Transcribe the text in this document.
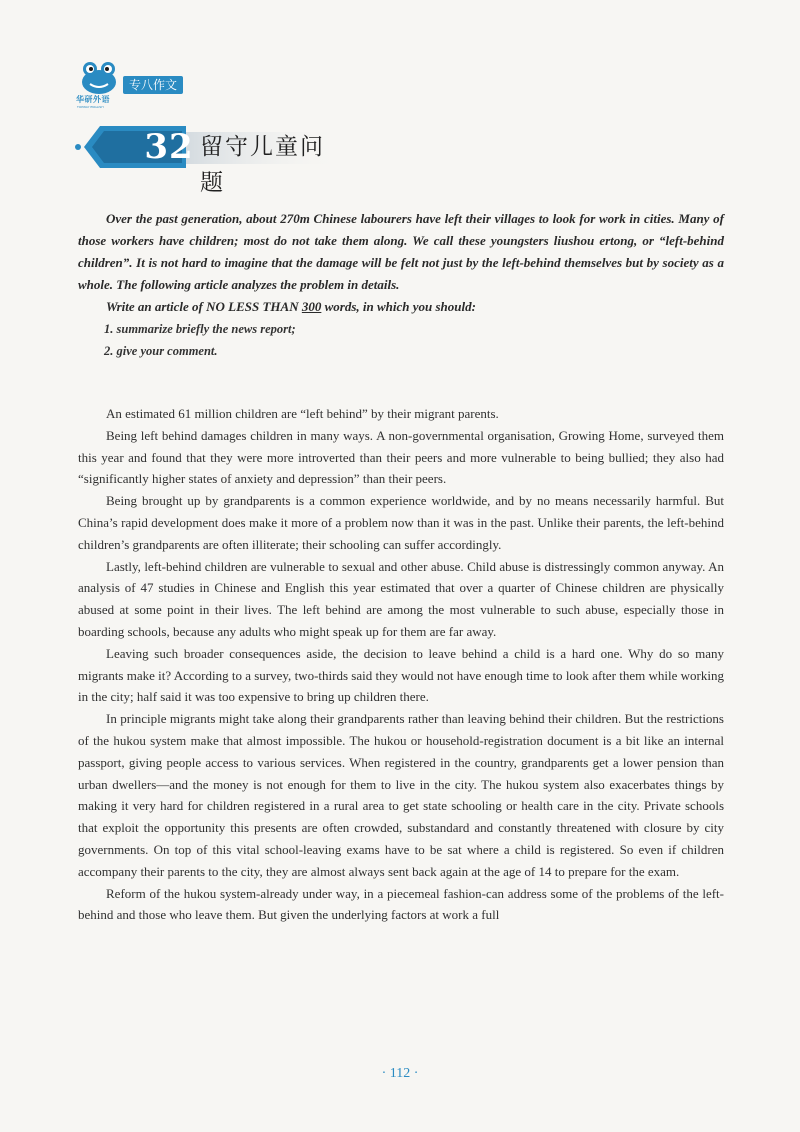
华研外语
TOPWAY ENGLISH
专八作文
32 留守儿童问题

Over the past generation, about 270m Chinese labourers have left their villages to look for work in cities. Many of those workers have children; most do not take them along. We call these youngsters liushou ertong, or “left-behind children”. It is not hard to imagine that the damage will be felt not just by the left-behind themselves but by society as a whole. The following article analyzes the problem in details.

Write an article of NO LESS THAN 300 words, in which you should:

1. summarize briefly the news report;

2. give your comment.

An estimated 61 million children are “left behind” by their migrant parents.

Being left behind damages children in many ways. A non-governmental organisation, Growing Home, surveyed them this year and found that they were more introverted than their peers and more vulnerable to being bullied; they also had “significantly higher states of anxiety and depression” than their peers.

Being brought up by grandparents is a common experience worldwide, and by no means necessarily harmful. But China’s rapid development does make it more of a problem now than it was in the past. Unlike their parents, the left-behind children’s grandparents are often illiterate; their schooling can suffer accordingly.

Lastly, left-behind children are vulnerable to sexual and other abuse. Child abuse is distressingly common anyway. An analysis of 47 studies in Chinese and English this year estimated that over a quarter of Chinese children are physically abused at some point in their lives. The left behind are among the most vulnerable to such abuse, especially those in boarding schools, because any adults who might speak up for them are far away.

Leaving such broader consequences aside, the decision to leave behind a child is a hard one. Why do so many migrants make it? According to a survey, two-thirds said they would not have enough time to look after them while working in the city; half said it was too expensive to bring up children there.

In principle migrants might take along their grandparents rather than leaving behind their children. But the restrictions of the hukou system make that almost impossible. The hukou or household-registration document is a bit like an internal passport, giving people access to various services. When registered in the country, grandparents get a lower pension than urban dwellers—and the money is not enough for them to live in the city. The hukou system also exacerbates things by making it very hard for children registered in a rural area to get state schooling or health care in the city. Private schools that exploit the opportunity this presents are often crowded, substandard and constantly threatened with closure by city governments. On top of this vital school-leaving exams have to be sat where a child is registered. So even if children accompany their parents to the city, they are almost always sent back again at the age of 14 to prepare for the exam.

Reform of the hukou system-already under way, in a piecemeal fashion-can address some of the problems of the left-behind and those who leave them. But given the underlying factors at work a full

· 112 ·
